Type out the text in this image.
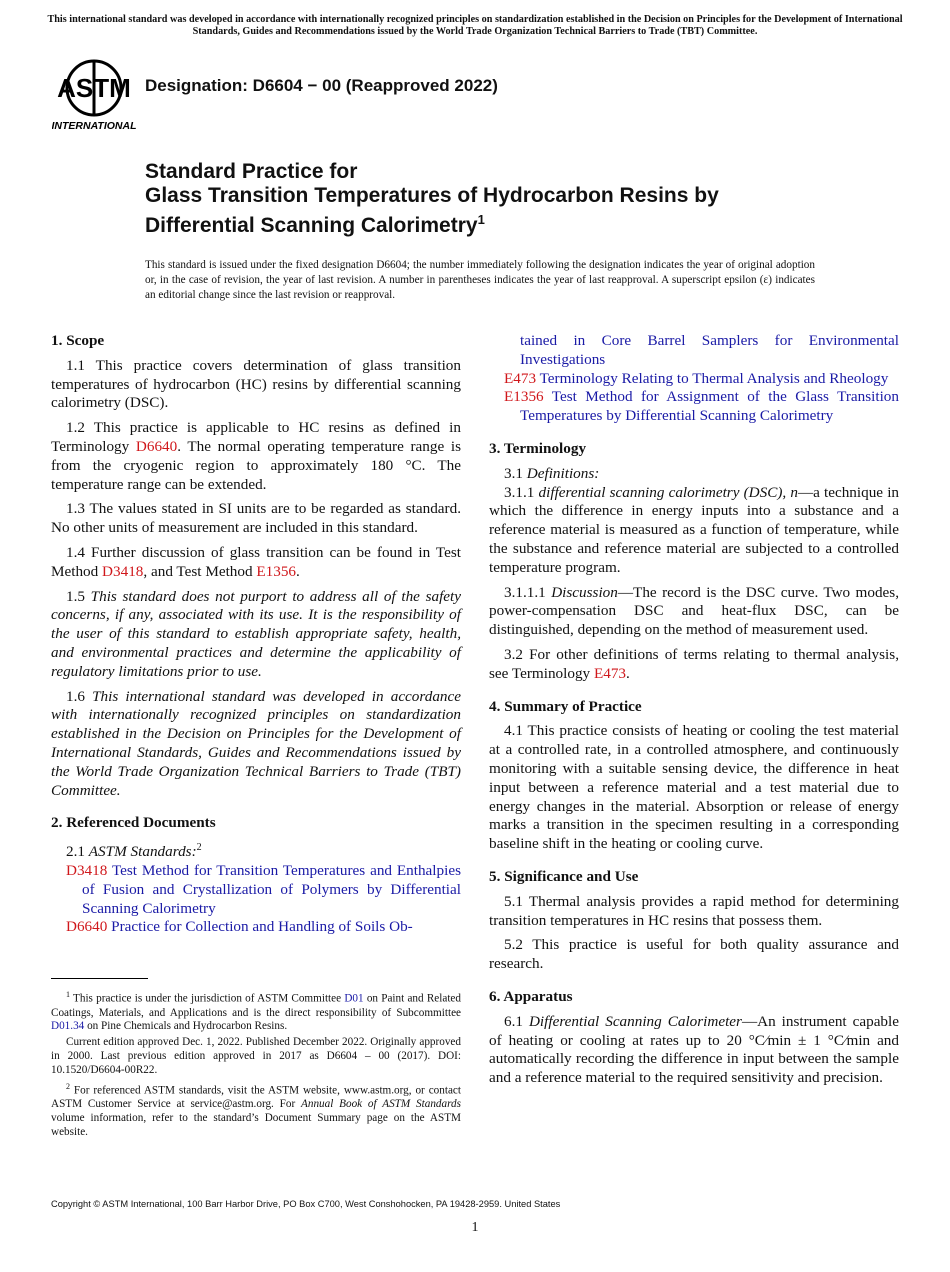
This international standard was developed in accordance with internationally recognized principles on standardization established in the Decision on Principles for the Development of International Standards, Guides and Recommendations issued by the World Trade Organization Technical Barriers to Trade (TBT) Committee.
ASTM
INTERNATIONAL
Designation: D6604 − 00 (Reapproved 2022)
Standard Practice for
Glass Transition Temperatures of Hydrocarbon Resins by
Differential Scanning Calorimetry$^1$
This standard is issued under the fixed designation D6604; the number immediately following the designation indicates the year of original adoption or, in the case of revision, the year of last revision. A number in parentheses indicates the year of last reapproval. A superscript epsilon (ε) indicates an editorial change since the last revision or reapproval.
1. Scope

1.1 This practice covers determination of glass transition temperatures of hydrocarbon (HC) resins by differential scanning calorimetry (DSC).

1.2 This practice is applicable to HC resins as defined in Terminology D6640. The normal operating temperature range is from the cryogenic region to approximately 180 °C. The temperature range can be extended.

1.3 The values stated in SI units are to be regarded as standard. No other units of measurement are included in this standard.

1.4 Further discussion of glass transition can be found in Test Method D3418, and Test Method E1356.

1.5 This standard does not purport to address all of the safety concerns, if any, associated with its use. It is the responsibility of the user of this standard to establish appropriate safety, health, and environmental practices and determine the applicability of regulatory limitations prior to use.

1.6 This international standard was developed in accordance with internationally recognized principles on standardization established in the Decision on Principles for the Development of International Standards, Guides and Recommendations issued by the World Trade Organization Technical Barriers to Trade (TBT) Committee.

2. Referenced Documents

2.1 ASTM Standards:$^2$

D3418 Test Method for Transition Temperatures and Enthalpies of Fusion and Crystallization of Polymers by Differential Scanning Calorimetry
D6640 Practice for Collection and Handling of Soils Ob-

$^1$ This practice is under the jurisdiction of ASTM Committee D01 on Paint and Related Coatings, Materials, and Applications and is the direct responsibility of Subcommittee D01.34 on Pine Chemicals and Hydrocarbon Resins.

Current edition approved Dec. 1, 2022. Published December 2022. Originally approved in 2000. Last previous edition approved in 2017 as D6604 – 00 (2017). DOI: 10.1520/D6604-00R22.

$^2$ For referenced ASTM standards, visit the ASTM website, www.astm.org, or contact ASTM Customer Service at service@astm.org. For Annual Book of ASTM Standards volume information, refer to the standard’s Document Summary page on the ASTM website.

tained in Core Barrel Samplers for Environmental Investigations
E473 Terminology Relating to Thermal Analysis and Rheology
E1356 Test Method for Assignment of the Glass Transition Temperatures by Differential Scanning Calorimetry
3. Terminology

3.1 Definitions:

3.1.1 differential scanning calorimetry (DSC), n—a technique in which the difference in energy inputs into a substance and a reference material is measured as a function of temperature, while the substance and reference material are subjected to a controlled temperature program.

3.1.1.1 Discussion—The record is the DSC curve. Two modes, power-compensation DSC and heat-flux DSC, can be distinguished, depending on the method of measurement used.

3.2 For other definitions of terms relating to thermal analysis, see Terminology E473.

4. Summary of Practice

4.1 This practice consists of heating or cooling the test material at a controlled rate, in a controlled atmosphere, and continuously monitoring with a suitable sensing device, the difference in heat input between a reference material and a test material due to energy changes in the material. Absorption or release of energy marks a transition in the specimen resulting in a corresponding baseline shift in the heating or cooling curve.

5. Significance and Use

5.1 Thermal analysis provides a rapid method for determining transition temperatures in HC resins that possess them.

5.2 This practice is useful for both quality assurance and research.

6. Apparatus

6.1 Differential Scanning Calorimeter—An instrument capable of heating or cooling at rates up to 20 °C⁄min ± 1 °C⁄min and automatically recording the difference in input between the sample and a reference material to the required sensitivity and precision.

Copyright © ASTM International, 100 Barr Harbor Drive, PO Box C700, West Conshohocken, PA 19428-2959. United States
1
